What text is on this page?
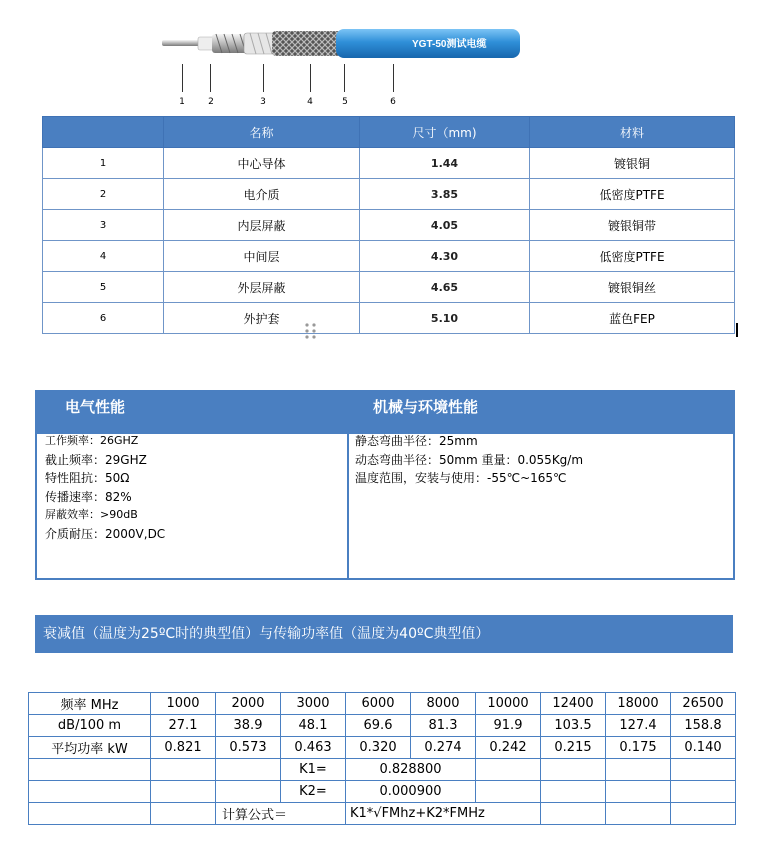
YGT-50测试电缆
1	2	3	4	5	6
	名称	尺寸（mm)	材料
1	中心导体	1.44	镀银铜
2	电介质	3.85	低密度PTFE
3	内层屏蔽	4.05	镀银铜带
4	中间层	4.30	低密度PTFE
5	外层屏蔽	4.65	镀银铜丝
6	外护套	5.10	蓝色FEP
电气性能	机械与环境性能
工作频率：26GHZ
截止频率：29GHZ
特性阻抗：50Ω
传播速率：82%
屏蔽效率：>90dB
介质耐压：2000V,DC
静态弯曲半径：25mm
动态弯曲半径：50mm 重量：0.055Kg/m
温度范围，安装与使用：-55℃~165℃
衰减值（温度为25ºC时的典型值）与传输功率值（温度为40ºC典型值）
频率 MHz	1000	2000	3000	6000	8000	10000	12400	18000	26500
dB/100 m	27.1	38.9	48.1	69.6	81.3	91.9	103.5	127.4	158.8
平均功率 kW	0.821	0.573	0.463	0.320	0.274	0.242	0.215	0.175	0.140
			K1=	0.828800					
			K2=	0.000900					
		计算公式＝		K1*√FMhz+K2*FMHz					
